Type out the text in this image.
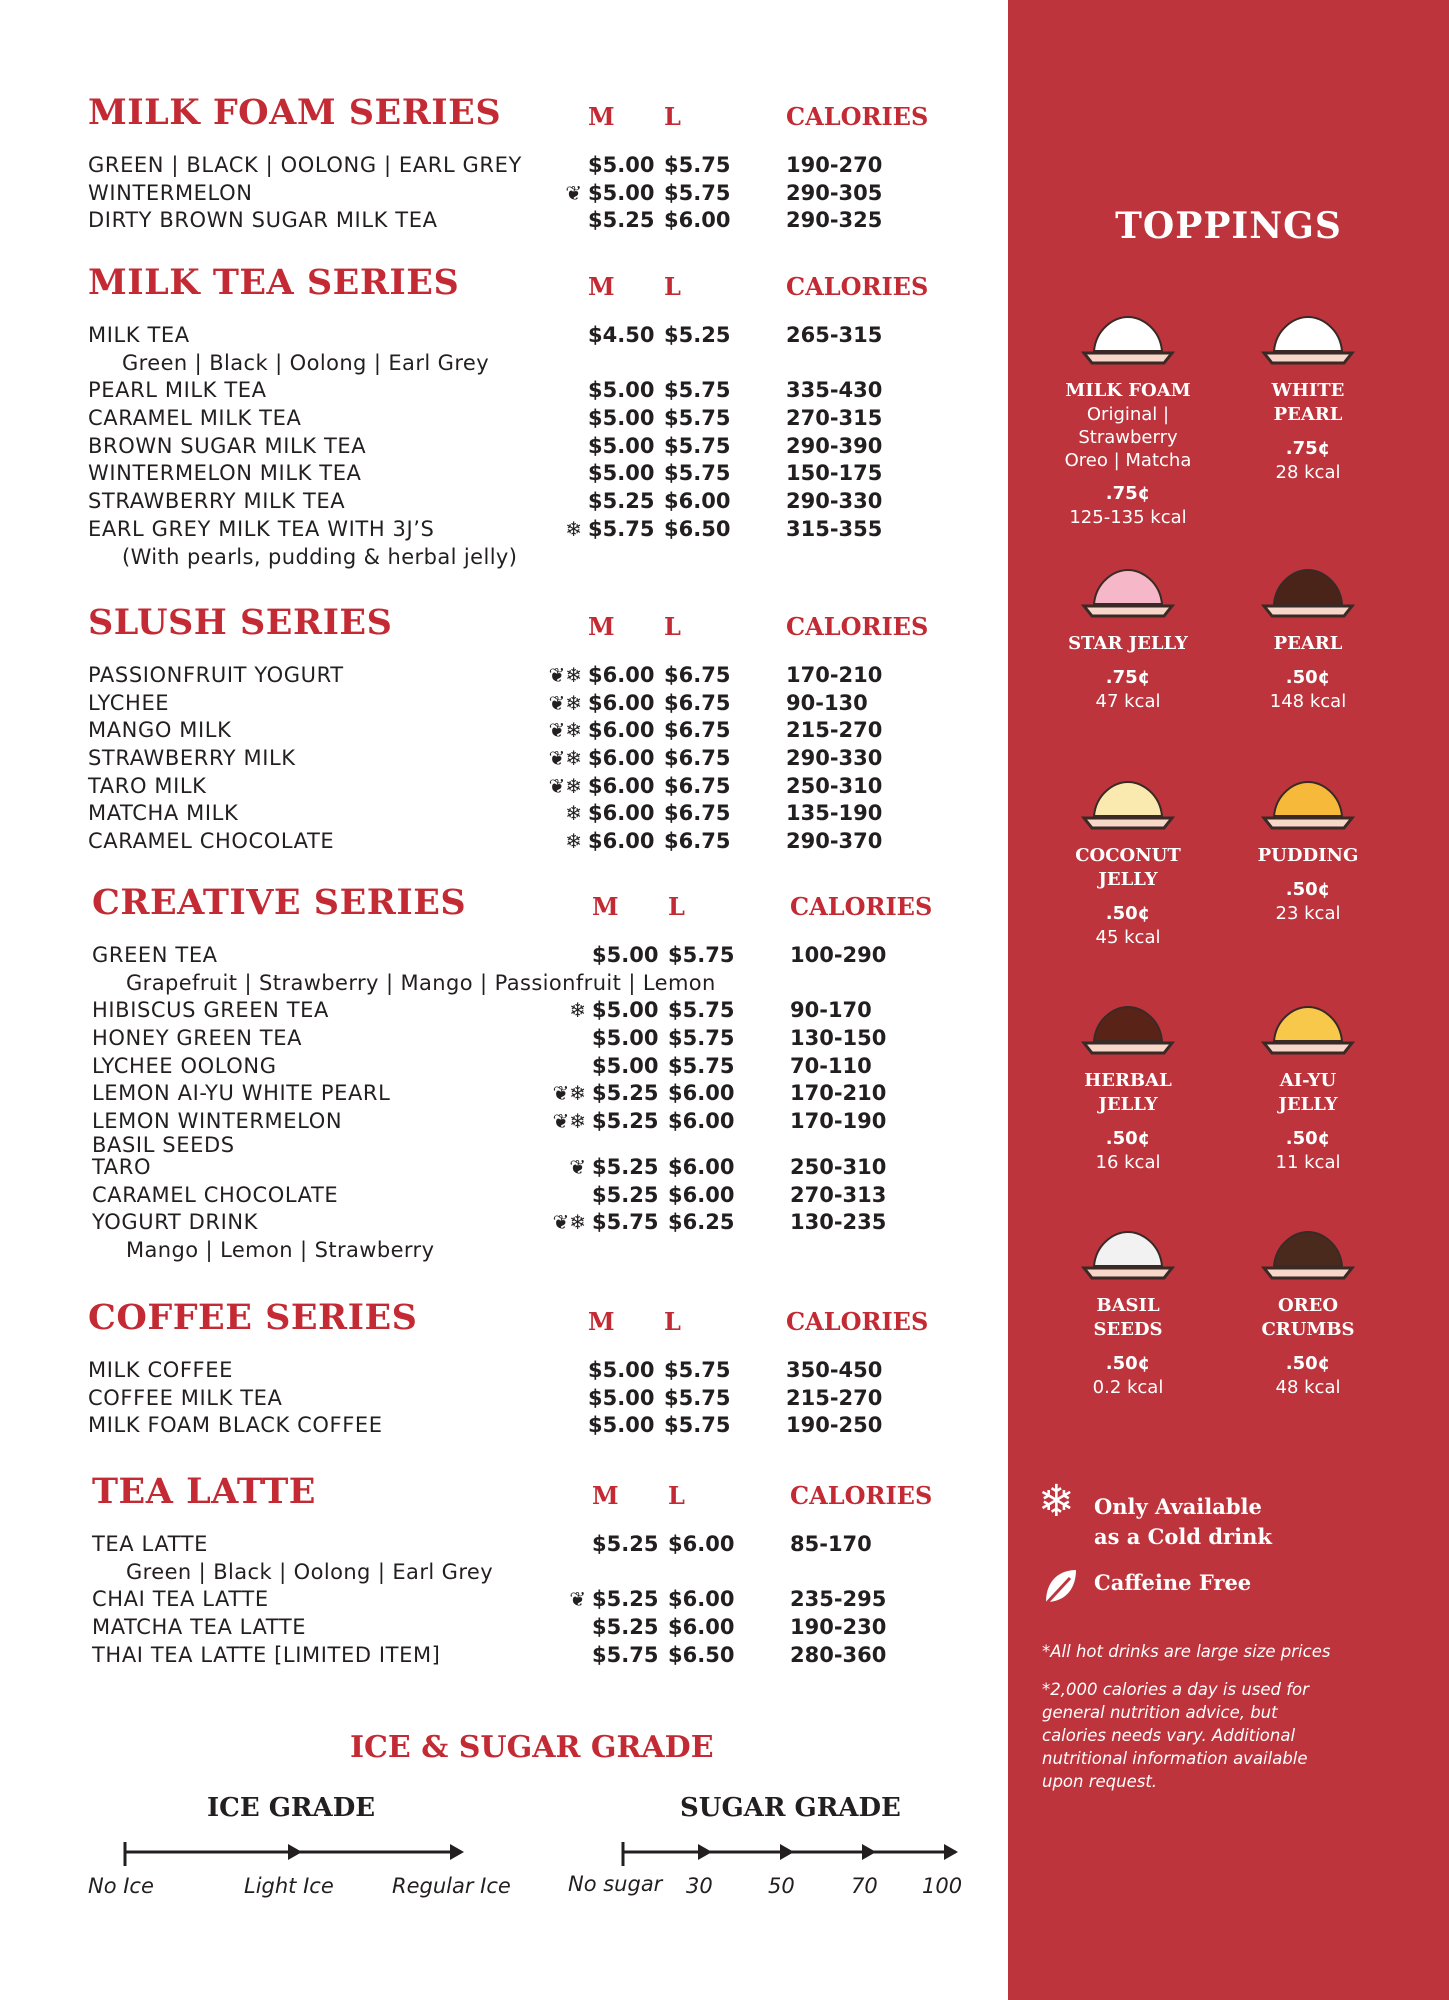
MILK FOAM SERIES	M L	CALORIES
GREEN | BLACK | OOLONG | EARL GREY	$5.00 $5.75	190-270
WINTERMELON	❦ $5.00 $5.75	290-305
DIRTY BROWN SUGAR MILK TEA	$5.25 $6.00	290-325
MILK TEA SERIES	M L	CALORIES
MILK TEA	$4.50 $5.25	265-315
Green | Black | Oolong | Earl Grey
PEARL MILK TEA	$5.00 $5.75	335-430
CARAMEL MILK TEA	$5.00 $5.75	270-315
BROWN SUGAR MILK TEA	$5.00 $5.75	290-390
WINTERMELON MILK TEA	$5.00 $5.75	150-175
STRAWBERRY MILK TEA	$5.25 $6.00	290-330
EARL GREY MILK TEA WITH 3J’S	❄ $5.75 $6.50	315-355
(With pearls, pudding & herbal jelly)
SLUSH SERIES	M L	CALORIES
PASSIONFRUIT YOGURT	❦❄ $6.00 $6.75	170-210
LYCHEE	❦❄ $6.00 $6.75	90-130
MANGO MILK	❦❄ $6.00 $6.75	215-270
STRAWBERRY MILK	❦❄ $6.00 $6.75	290-330
TARO MILK	❦❄ $6.00 $6.75	250-310
MATCHA MILK	❄ $6.00 $6.75	135-190
CARAMEL CHOCOLATE	❄ $6.00 $6.75	290-370
CREATIVE SERIES	M L	CALORIES
GREEN TEA	$5.00 $5.75	100-290
Grapefruit | Strawberry | Mango | Passionfruit | Lemon
HIBISCUS GREEN TEA	❄ $5.00 $5.75	90-170
HONEY GREEN TEA	$5.00 $5.75	130-150
LYCHEE OOLONG	$5.00 $5.75	70-110
LEMON AI-YU WHITE PEARL	❦❄ $5.25 $6.00	170-210
LEMON WINTERMELON	❦❄ $5.25 $6.00	170-190
BASIL SEEDS
TARO	❦ $5.25 $6.00	250-310
CARAMEL CHOCOLATE	$5.25 $6.00	270-313
YOGURT DRINK	❦❄ $5.75 $6.25	130-235
Mango | Lemon | Strawberry
COFFEE SERIES	M L	CALORIES
MILK COFFEE	$5.00 $5.75	350-450
COFFEE MILK TEA	$5.00 $5.75	215-270
MILK FOAM BLACK COFFEE	$5.00 $5.75	190-250
TEA LATTE	M L	CALORIES
TEA LATTE	$5.25 $6.00	85-170
Green | Black | Oolong | Earl Grey
CHAI TEA LATTE	❦ $5.25 $6.00	235-295
MATCHA TEA LATTE	$5.25 $6.00	190-230
THAI TEA LATTE [LIMITED ITEM]	$5.75 $6.50	280-360
ICE & SUGAR GRADE
ICE GRADE	SUGAR GRADE
No Ice	Light Ice	Regular Ice	No sugar 30	50	70 100
TOPPINGS
❄ Only Available
as a Cold drink
Caffeine Free
*All hot drinks are large size prices
*2,000 calories a day is used for general nutrition advice, but calories needs vary. Additional nutritional information available upon request.
MILK FOAM
Original | Strawberry
Oreo | Matcha
.75¢
125-135 kcal
WHITE
PEARL
.75¢
28 kcal
STAR JELLY
.75¢
47 kcal
PEARL
.50¢
148 kcal
COCONUT
JELLY
.50¢
45 kcal
PUDDING
.50¢
23 kcal
HERBAL
JELLY
.50¢
16 kcal
AI-YU
JELLY
.50¢
11 kcal
BASIL
SEEDS
.50¢
0.2 kcal
OREO
CRUMBS
.50¢
48 kcal
